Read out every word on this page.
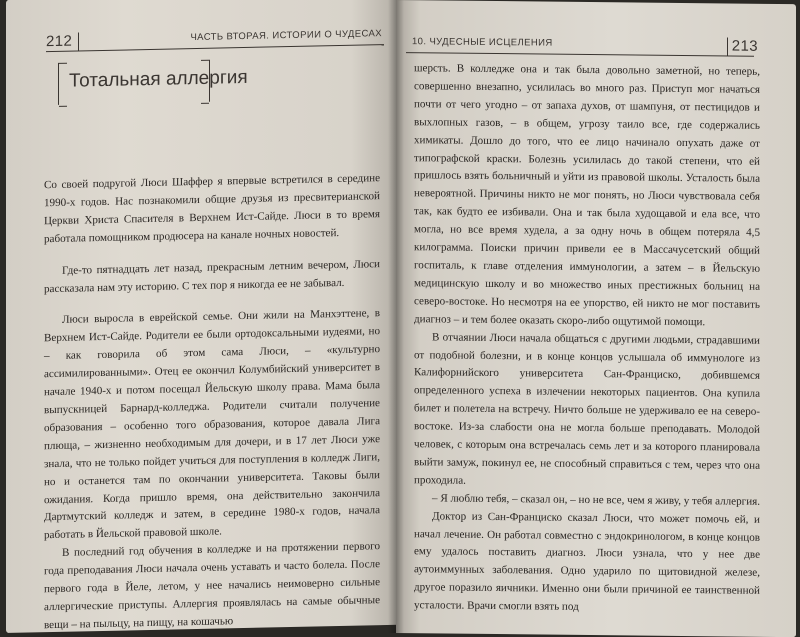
212	ЧАСТЬ ВТОРАЯ. ИСТОРИИ О ЧУДЕСАХ
Тотальная аллергия

Со своей подругой Люси Шаффер я впервые встретился в середине 1990-х годов. Нас познакомили общие друзья из пресвитерианской Церкви Христа Спасителя в Верхнем Ист-Сайде. Люси в то время работала помощником продюсера на канале ночных новостей.

Где-то пятнадцать лет назад, прекрасным летним вечером, Люси рассказала нам эту историю. С тех пор я никогда ее не забывал.

Люси выросла в еврейской семье. Они жили на Манхэттене, в Верхнем Ист-Сайде. Родители ее были ортодоксальными иудеями, но – как говорила об этом сама Люси, – «культурно ассимилированными». Отец ее окончил Колумбийский университет в начале 1940-х и потом посещал Йельскую школу права. Мама была выпускницей Барнард-колледжа. Родители считали получение образования – особенно того образования, которое давала Лига плюща, – жизненно необходимым для дочери, и в 17 лет Люси уже знала, что не только пойдет учиться для поступления в колледж Лиги, но и останется там по окончании университета. Таковы были ожидания. Когда пришло время, она действительно закончила Дартмутский колледж и затем, в середине 1980-х годов, начала работать в Йельской правовой школе.

В последний год обучения в колледже и на протяжении первого года преподавания Люси начала очень уставать и часто болела. После первого года в Йеле, летом, у нее начались неимоверно сильные аллергические приступы. Аллергия проявлялась на самые обычные вещи – на пыльцу, на пищу, на кошачью

10. ЧУДЕСНЫЕ ИСЦЕЛЕНИЯ	213

шерсть. В колледже она и так была довольно заметной, но теперь, совершенно внезапно, усилилась во много раз. Приступ мог начаться почти от чего угодно – от запаха духов, от шампуня, от пестицидов и выхлопных газов, – в общем, угрозу таило все, где содержались химикаты. Дошло до того, что ее лицо начинало опухать даже от типографской краски. Болезнь усилилась до такой степени, что ей пришлось взять больничный и уйти из правовой школы. Усталость была невероятной. Причины никто не мог понять, но Люси чувствовала себя так, как будто ее избивали. Она и так была худощавой и ела все, что могла, но все время худела, а за одну ночь в общем потеряла 4,5 килограмма. Поиски причин привели ее в Массачусетский общий госпиталь, к главе отделения иммунологии, а затем – в Йельскую медицинскую школу и во множество иных престижных больниц на северо-востоке. Но несмотря на ее упорство, ей никто не мог поставить диагноз – и тем более оказать скоро-либо ощутимой помощи.

В отчаянии Люси начала общаться с другими людьми, страдавшими от подобной болезни, и в конце концов услышала об иммунологе из Калифорнийского университета Сан-Франциско, добившемся определенного успеха в излечении некоторых пациентов. Она купила билет и полетела на встречу. Ничто больше не удерживало ее на северо-востоке. Из-за слабости она не могла больше преподавать. Молодой человек, с которым она встречалась семь лет и за которого планировала выйти замуж, покинул ее, не способный справиться с тем, через что она проходила.

– Я люблю тебя, – сказал он, – но не все, чем я живу, у тебя аллергия.

Доктор из Сан-Франциско сказал Люси, что может помочь ей, и начал лечение. Он работал совместно с эндокринологом, в конце концов ему удалось поставить диагноз. Люси узнала, что у нее две аутоиммунных заболевания. Одно ударило по щитовидной железе, другое поразило яичники. Именно они были причиной ее таинственной усталости. Врачи смогли взять под
